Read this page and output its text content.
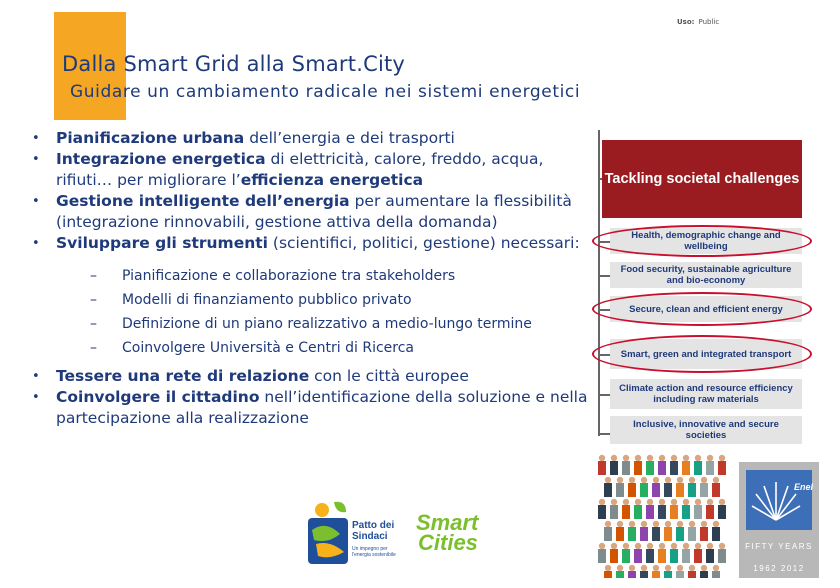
Uso: Public
Dalla Smart Grid alla Smart.City
Guidare un cambiamento radicale nei sistemi energetici
• Pianificazione urbana dell’energia e dei trasporti
• Integrazione energetica di elettricità, calore, freddo, acqua, rifiuti… per migliorare l’efficienza energetica
• Gestione intelligente dell’energia per aumentare la flessibilità (integrazione rinnovabili, gestione attiva della domanda)
• Sviluppare gli strumenti (scientifici, politici, gestione) necessari:
– Pianificazione e collaborazione tra stakeholders
– Modelli di finanziamento pubblico privato
– Definizione di un piano realizzativo a medio-lungo termine
– Coinvolgere Università e Centri di Ricerca
• Tessere una rete di relazione con le città europee
• Coinvolgere il cittadino nell’identificazione della soluzione e nella partecipazione alla realizzazione
Tackling societal challenges
Health, demographic change and wellbeing
Food security, sustainable agriculture and bio-economy
Secure, clean and efficient energy
Smart, green and integrated transport
Climate action and resource efficiency including raw materials
Inclusive, innovative and secure societies
Patto dei
Sindaci
Un impegno per
l'energia sostenibile
Smart
Cities
Enel
FIFTY YEARS
1962 2012
